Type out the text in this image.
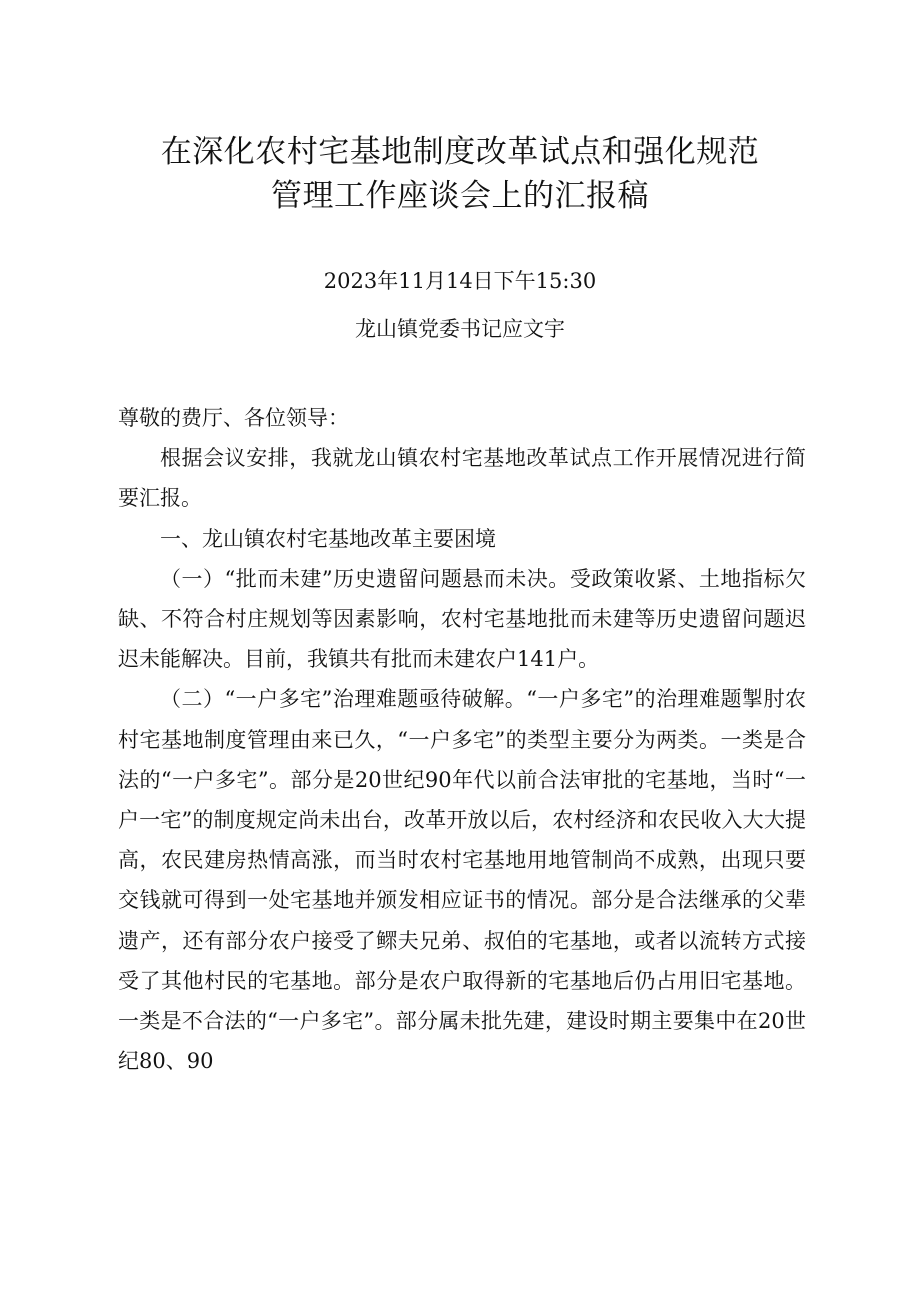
在深化农村宅基地制度改革试点和强化规范
管理工作座谈会上的汇报稿
2023年11月14日下午15:30
龙山镇党委书记应文宇

尊敬的费厅、各位领导：

根据会议安排，我就龙山镇农村宅基地改革试点工作开展情况进行简要汇报。

一、龙山镇农村宅基地改革主要困境

（一）“批而未建”历史遗留问题悬而未决。受政策收紧、土地指标欠缺、不符合村庄规划等因素影响，农村宅基地批而未建等历史遗留问题迟迟未能解决。目前，我镇共有批而未建农户141户。

（二）“一户多宅”治理难题亟待破解。“一户多宅”的治理难题掣肘农村宅基地制度管理由来已久，“一户多宅”的类型主要分为两类。一类是合法的“一户多宅”。部分是20世纪90年代以前合法审批的宅基地，当时“一户一宅”的制度规定尚未出台，改革开放以后，农村经济和农民收入大大提高，农民建房热情高涨，而当时农村宅基地用地管制尚不成熟，出现只要交钱就可得到一处宅基地并颁发相应证书的情况。部分是合法继承的父辈遗产，还有部分农户接受了鳏夫兄弟、叔伯的宅基地，或者以流转方式接受了其他村民的宅基地。部分是农户取得新的宅基地后仍占用旧宅基地。一类是不合法的“一户多宅”。部分属未批先建，建设时期主要集中在20世纪80、90
